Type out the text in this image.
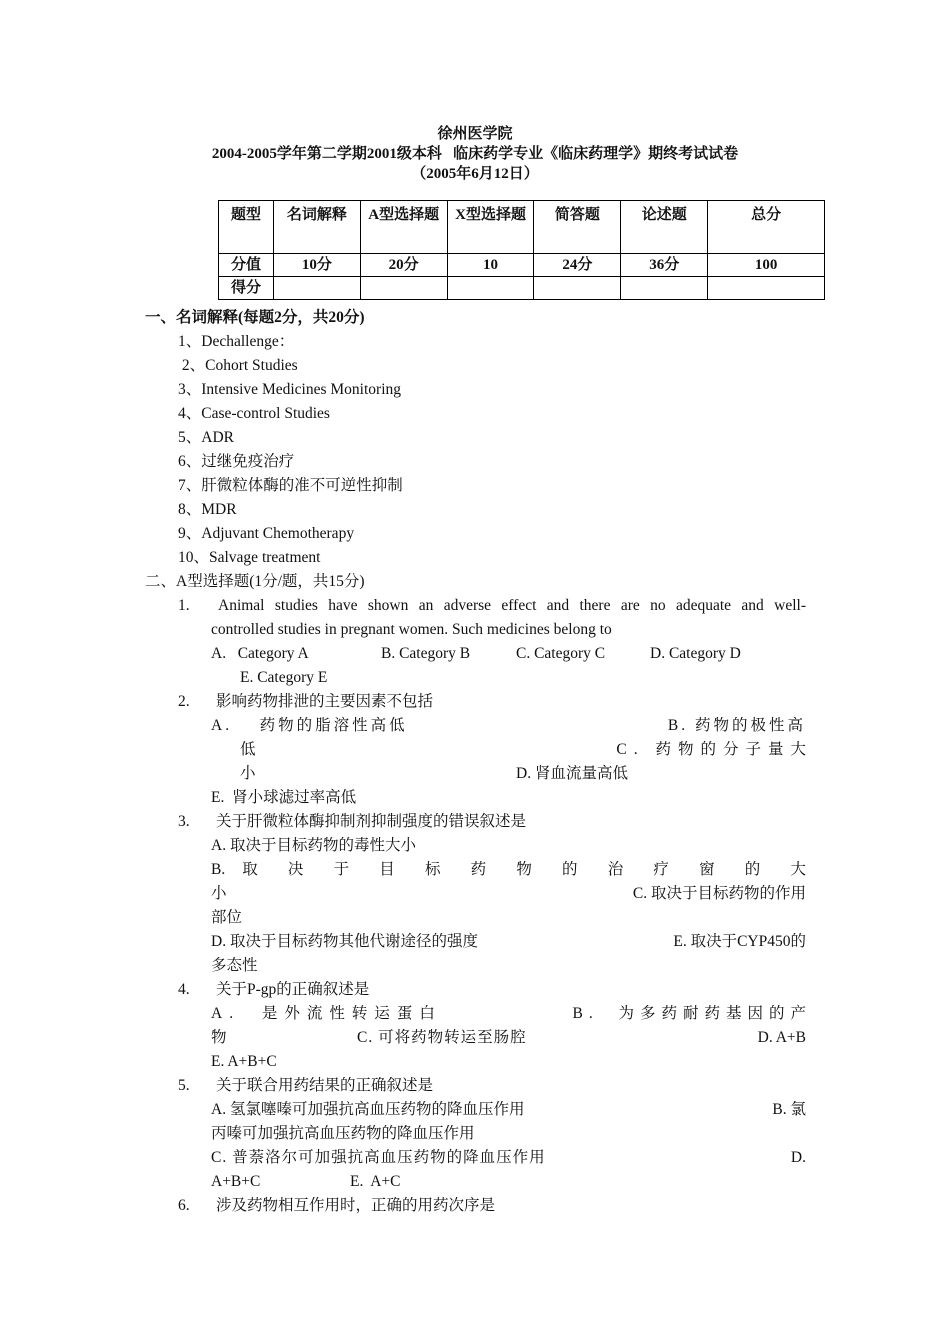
徐州医学院
2004-2005学年第二学期2001级本科   临床药学专业《临床药理学》期终考试试卷
（2005年6月12日）
题型	名词解释	A型选择题	X型选择题	简答题	论述题	总分
分值	10分	20分	10	24分	36分	100
得分						
一、名词解释(每题2分，共20分)
1、Dechallenge：
2、Cohort Studies
3、Intensive Medicines Monitoring
4、Case-control Studies
5、ADR
6、过继免疫治疗
7、肝微粒体酶的准不可逆性抑制
8、MDR
9、Adjuvant Chemotherapy
10、Salvage treatment
二、A型选择题(1分/题，共15分)
1. Animal studies have shown an adverse effect and there are no adequate and well-
controlled studies in pregnant women. Such medicines belong to
A.   Category A	B. Category B	C. Category C	D. Category D
E. Category E
2. 影响药物排泄的主要因素不包括
A.    药物的脂溶性高低	B. 药物的极性高
低	C. 药物的分子量大
小	D. 肾血流量高低
E.  肾小球滤过率高低
3. 关于肝微粒体酶抑制剂抑制强度的错误叙述是
A. 取决于目标药物的毒性大小
B. 取 决 于 目 标 药 物 的 治 疗 窗 的 大
小	C. 取决于目标药物的作用
部位
D. 取决于目标药物其他代谢途径的强度	E. 取决于CYP450的
多态性
4. 关于P-gp的正确叙述是
A.  是外流性转运蛋白	B.  为多药耐药基因的产
物	C. 可将药物转运至肠腔	D. A+B
E. A+B+C
5. 关于联合用药结果的正确叙述是
A. 氢氯噻嗪可加强抗高血压药物的降血压作用	B. 氯
丙嗪可加强抗高血压药物的降血压作用
C. 普萘洛尔可加强抗高血压药物的降血压作用	D.
A+B+C	E.  A+C
6. 涉及药物相互作用时，正确的用药次序是
